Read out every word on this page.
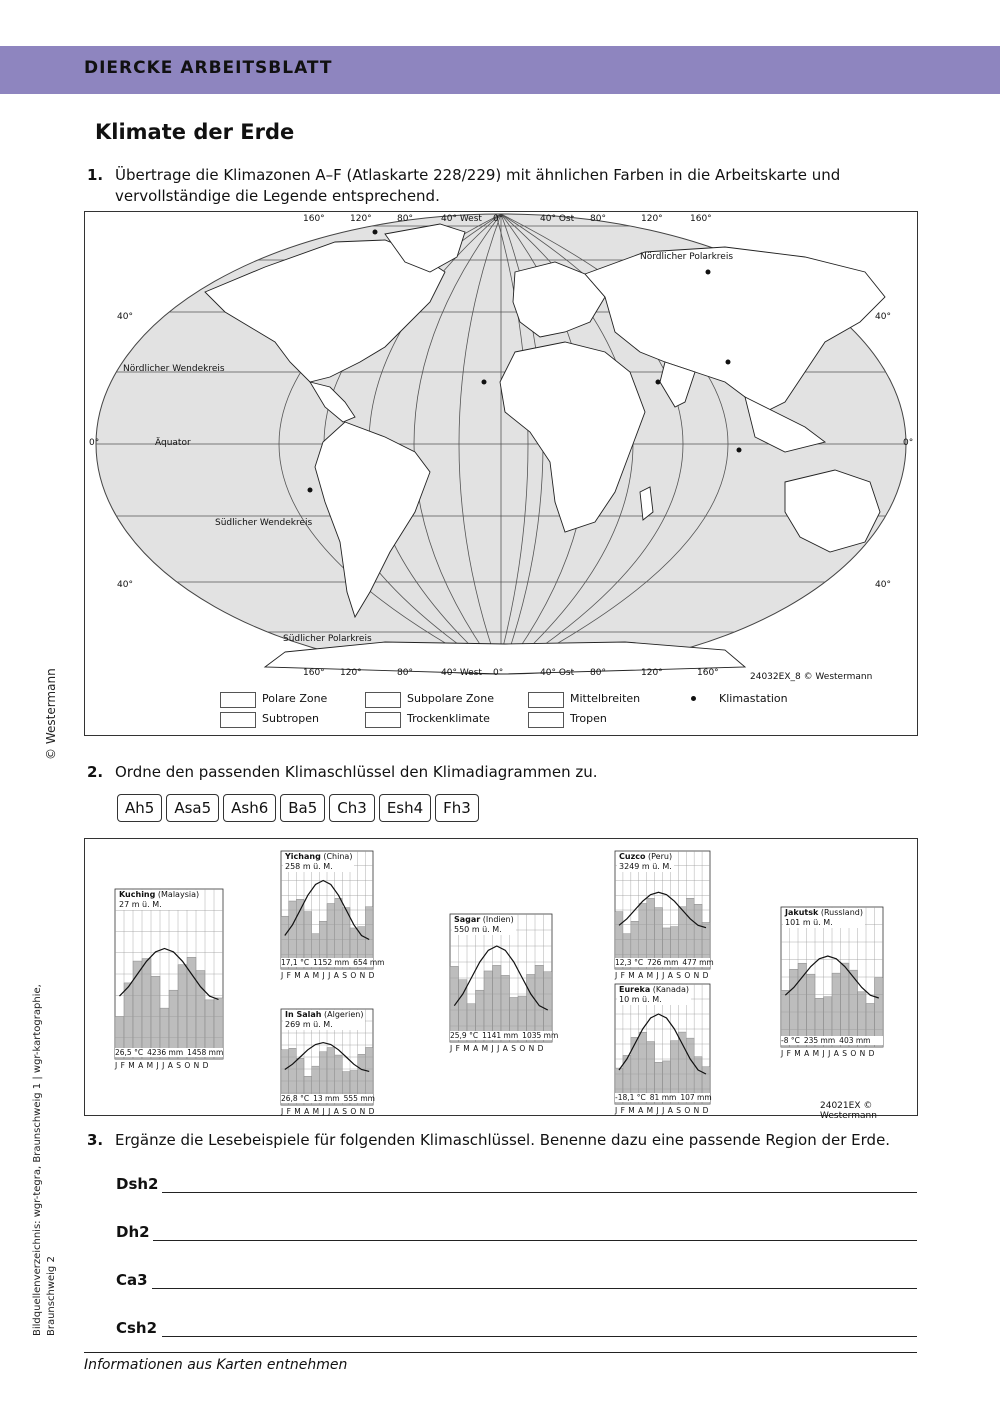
DIERCKE ARBEITSBLATT
Klimate der Erde
© Westermann
Bildquellenverzeichnis: wgr-tegra, Braunschweig 1 | wgr-kartographie, Braunschweig 2
1. Übertrage die Klimazonen A–F (Atlaskarte 228/229) mit ähnlichen Farben in die Arbeitskarte und
vervollständige die Legende entsprechend.
160°	120°	80°	40° West 0°	40° Ost 80°	120°	160°
160° 120°	80°	40° West 0°	40° Ost 80°	120°	160°
40°	40°
0°	0°
40°	40°
Nördlicher Polarkreis
Nördlicher Wendekreis
Äquator
Südlicher Wendekreis
Südlicher Polarkreis
24032EX_8 © Westermann
Polare Zone	Subpolare Zone	Mittelbreiten
Subtropen	Trockenklimate	Tropen
Klimastation
2. Ordne den passenden Klimaschlüssel den Klimadiagrammen zu.
Ah5 Asa5 Ash6 Ba5 Ch3 Esh4 Fh3
Kuching (Malaysia)
27 m ü. M.
26,5 °C 4236 mm 1458 mm
J F M A M J J A S O N D
Yichang (China)
258 m ü. M.
17,1 °C 1152 mm 654 mm
J F M A M J J A S O N D
In Salah (Algerien)
269 m ü. M.
26,8 °C 13 mm 555 mm
J F M A M J J A S O N D
Sagar (Indien)
550 m ü. M.
25,9 °C 1141 mm 1035 mm
J F M A M J J A S O N D
Cuzco (Peru)
3249 m ü. M.
12,3 °C 726 mm 477 mm
J F M A M J J A S O N D
Eureka (Kanada)
10 m ü. M.
-18,1 °C 81 mm 107 mm
J F M A M J J A S O N D
Jakutsk (Russland)
101 m ü. M.
-8 °C 235 mm 403 mm
J F M A M J J A S O N D
24021EX © Westermann
3. Ergänze die Lesebeispiele für folgenden Klimaschlüssel. Benenne dazu eine passende Region der Erde.
Dsh2
Dh2
Ca3
Csh2
Informationen aus Karten entnehmen
